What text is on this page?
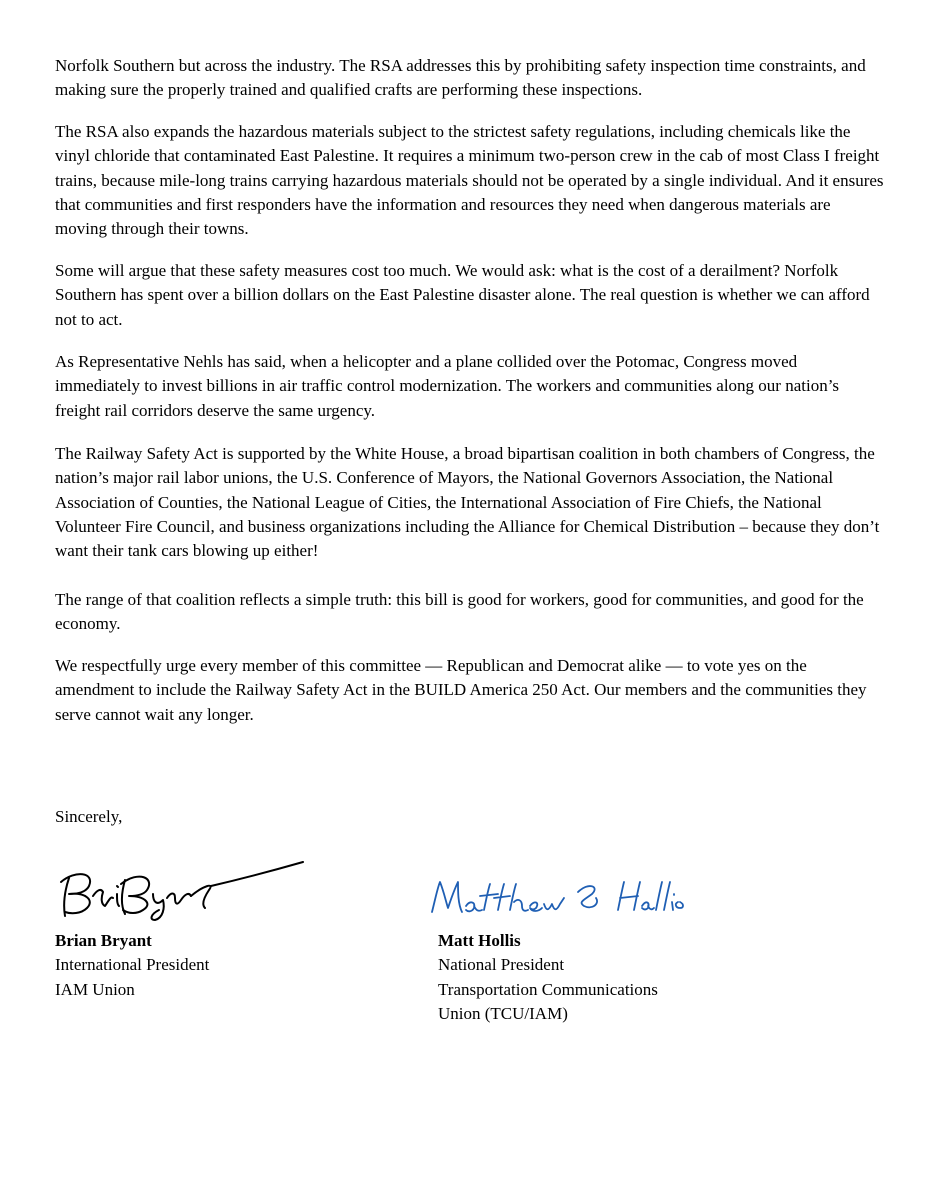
Norfolk Southern but across the industry. The RSA addresses this by prohibiting safety inspection time constraints, and making sure the properly trained and qualified crafts are performing these inspections.

The RSA also expands the hazardous materials subject to the strictest safety regulations, including chemicals like the vinyl chloride that contaminated East Palestine. It requires a minimum two-person crew in the cab of most Class I freight trains, because mile-long trains carrying hazardous materials should not be operated by a single individual. And it ensures that communities and first responders have the information and resources they need when dangerous materials are moving through their towns.

Some will argue that these safety measures cost too much. We would ask: what is the cost of a derailment? Norfolk Southern has spent over a billion dollars on the East Palestine disaster alone. The real question is whether we can afford not to act.

As Representative Nehls has said, when a helicopter and a plane collided over the Potomac, Congress moved immediately to invest billions in air traffic control modernization. The workers and communities along our nation’s freight rail corridors deserve the same urgency.

The Railway Safety Act is supported by the White House, a broad bipartisan coalition in both chambers of Congress, the nation’s major rail labor unions, the U.S. Conference of Mayors, the National Governors Association, the National Association of Counties, the National League of Cities, the International Association of Fire Chiefs, the National Volunteer Fire Council, and business organizations including the Alliance for Chemical Distribution – because they don’t want their tank cars blowing up either!

The range of that coalition reflects a simple truth: this bill is good for workers, good for communities, and good for the economy.

We respectfully urge every member of this committee — Republican and Democrat alike — to vote yes on the amendment to include the Railway Safety Act in the BUILD America 250 Act. Our members and the communities they serve cannot wait any longer.

Sincerely,
Brian Bryant
International President
IAM Union
Matt Hollis
National President
Transportation Communications
Union (TCU/IAM)
